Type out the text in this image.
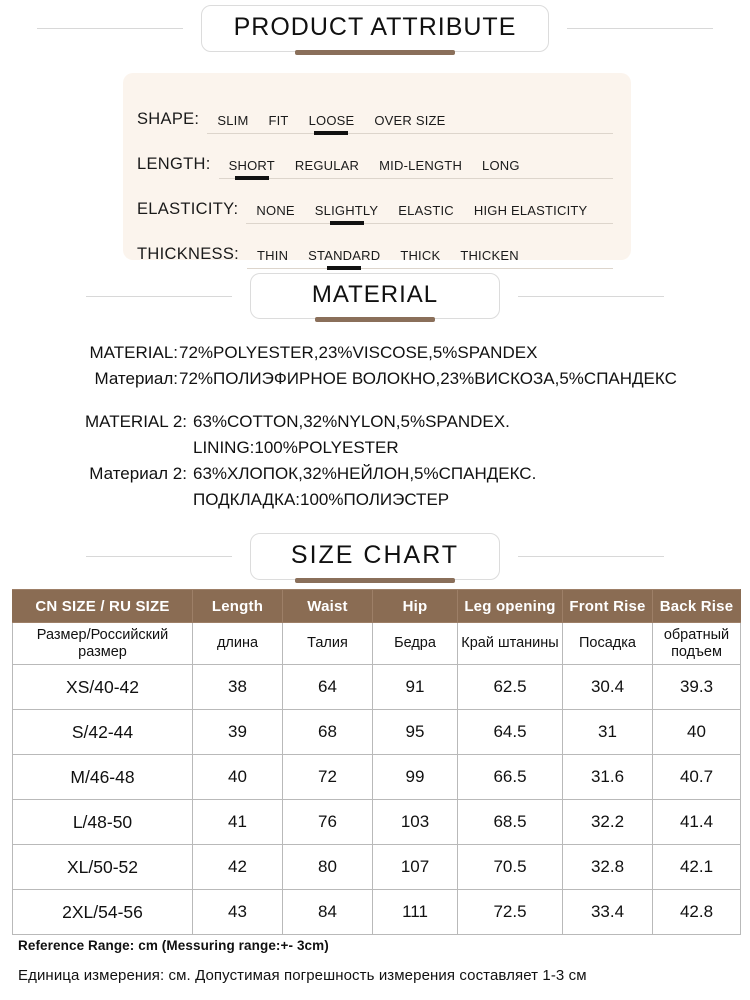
PRODUCT ATTRIBUTE
SHAPE:	SLIM	FIT	LOOSE	OVER SIZE
LENGTH:	SHORT	REGULAR	MID-LENGTH	LONG
ELASTICITY:	NONE	SLIGHTLY	ELASTIC	HIGH ELASTICITY
THICKNESS:	THIN	STANDARD	THICK	THICKEN
MATERIAL
MATERIAL: 72%POLYESTER,23%VISCOSE,5%SPANDEX
Материал: 72%ПОЛИЭФИРНОЕ ВОЛОКНО,23%ВИСКОЗА,5%СПАНДЕКС
MATERIAL 2: 63%COTTON,32%NYLON,5%SPANDEX.
LINING:100%POLYESTER
Материал 2: 63%ХЛОПОК,32%НЕЙЛОН,5%СПАНДЕКС.
ПОДКЛАДКА:100%ПОЛИЭСТЕР
SIZE CHART
CN SIZE / RU SIZE	Length	Waist	Hip	Leg opening	Front Rise	Back Rise
Размер/Российский размер	длина	Талия	Бедра	Край штанины	Посадка	обратный подъем
XS/40-42	38	64	91	62.5	30.4	39.3
S/42-44	39	68	95	64.5	31	40
M/46-48	40	72	99	66.5	31.6	40.7
L/48-50	41	76	103	68.5	32.2	41.4
XL/50-52	42	80	107	70.5	32.8	42.1
2XL/54-56	43	84	111	72.5	33.4	42.8
Reference Range: cm (Messuring range:+- 3cm)
Единица измерения: см. Допустимая погрешность измерения составляет 1-3 см
